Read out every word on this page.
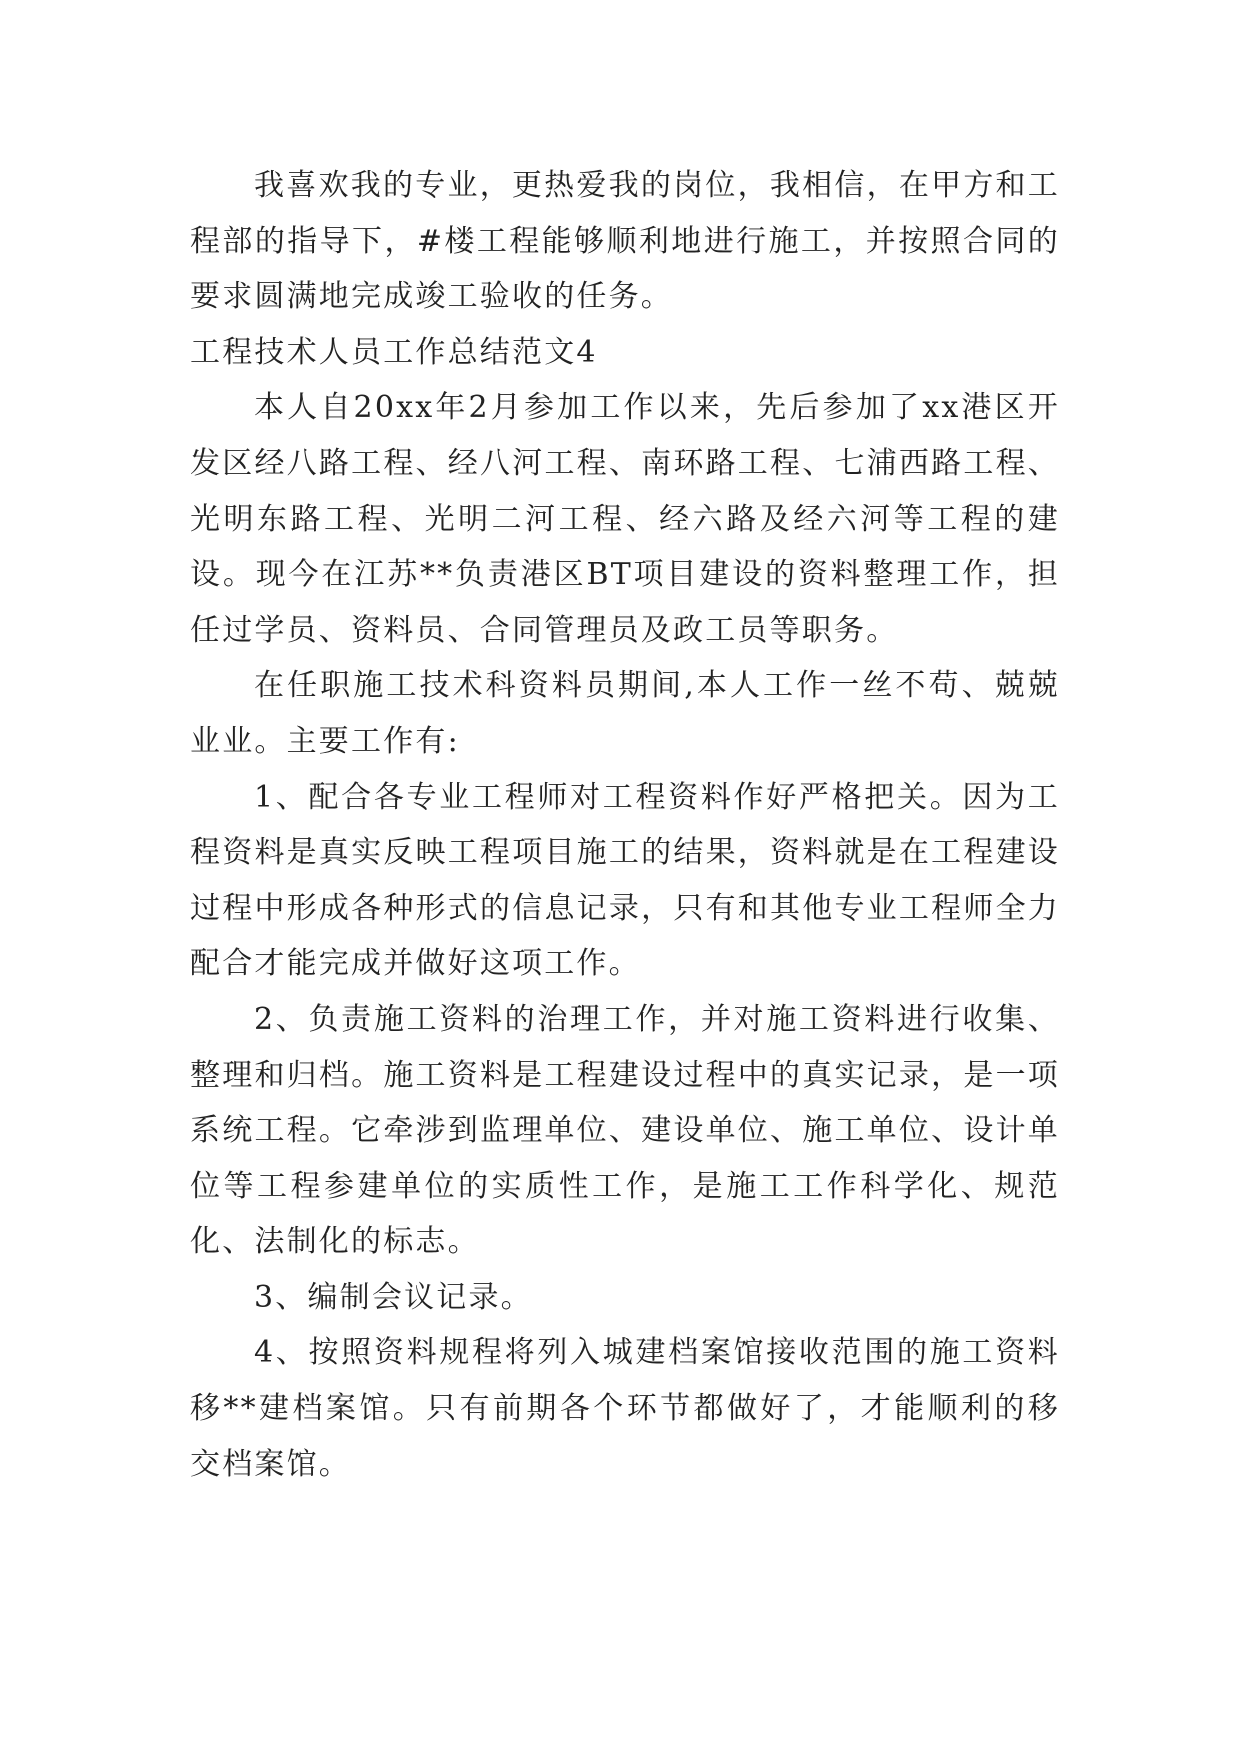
我喜欢我的专业，更热爱我的岗位，我相信，在甲方和工程部的指导下，#楼工程能够顺利地进行施工，并按照合同的要求圆满地完成竣工验收的任务。

工程技术人员工作总结范文4

本人自20xx年2月参加工作以来，先后参加了xx港区开发区经八路工程、经八河工程、南环路工程、七浦西路工程、光明东路工程、光明二河工程、经六路及经六河等工程的建设。现今在江苏**负责港区BT项目建设的资料整理工作，担任过学员、资料员、合同管理员及政工员等职务。

在任职施工技术科资料员期间,本人工作一丝不苟、兢兢业业。主要工作有:

1、配合各专业工程师对工程资料作好严格把关。因为工程资料是真实反映工程项目施工的结果，资料就是在工程建设过程中形成各种形式的信息记录，只有和其他专业工程师全力配合才能完成并做好这项工作。

2、负责施工资料的治理工作，并对施工资料进行收集、整理和归档。施工资料是工程建设过程中的真实记录，是一项系统工程。它牵涉到监理单位、建设单位、施工单位、设计单位等工程参建单位的实质性工作，是施工工作科学化、规范化、法制化的标志。

3、编制会议记录。

4、按照资料规程将列入城建档案馆接收范围的施工资料移**建档案馆。只有前期各个环节都做好了，才能顺利的移交档案馆。
